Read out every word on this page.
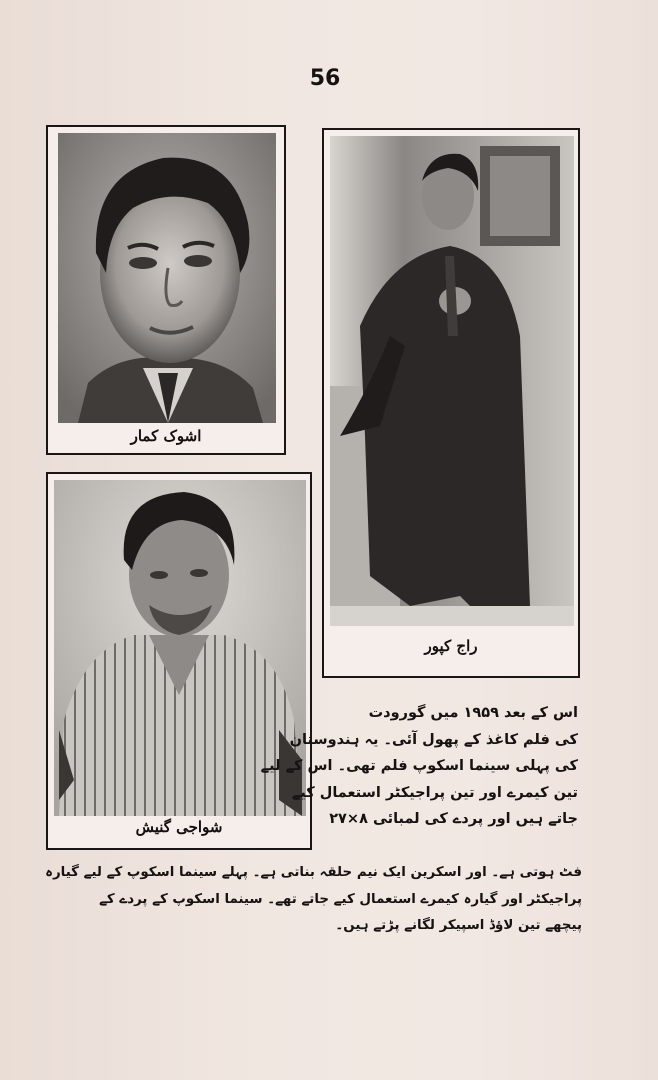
56
اشوک کمار
راج کپور
شواجی گنیش
اس کے بعد ۱۹۵۹ میں گورودت
کی فلم کاغذ کے پھول آئی۔ یہ ہندوستان
کی پہلی سینما اسکوپ فلم تھی۔ اس کے لیے
تین کیمرے اور تین پراجیکٹر استعمال کیے
جاتے ہیں اور پردے کی لمبائی ۸×۲۷
فٹ ہوتی ہے۔ اور اسکرین ایک نیم حلقہ بناتی ہے۔ پہلے سینما اسکوپ کے لیے گیارہ
پراجیکٹر اور گیارہ کیمرے استعمال کیے جاتے تھے۔ سینما اسکوپ کے پردے کے
پیچھے تین لاؤڈ اسپیکر لگانے پڑتے ہیں۔
